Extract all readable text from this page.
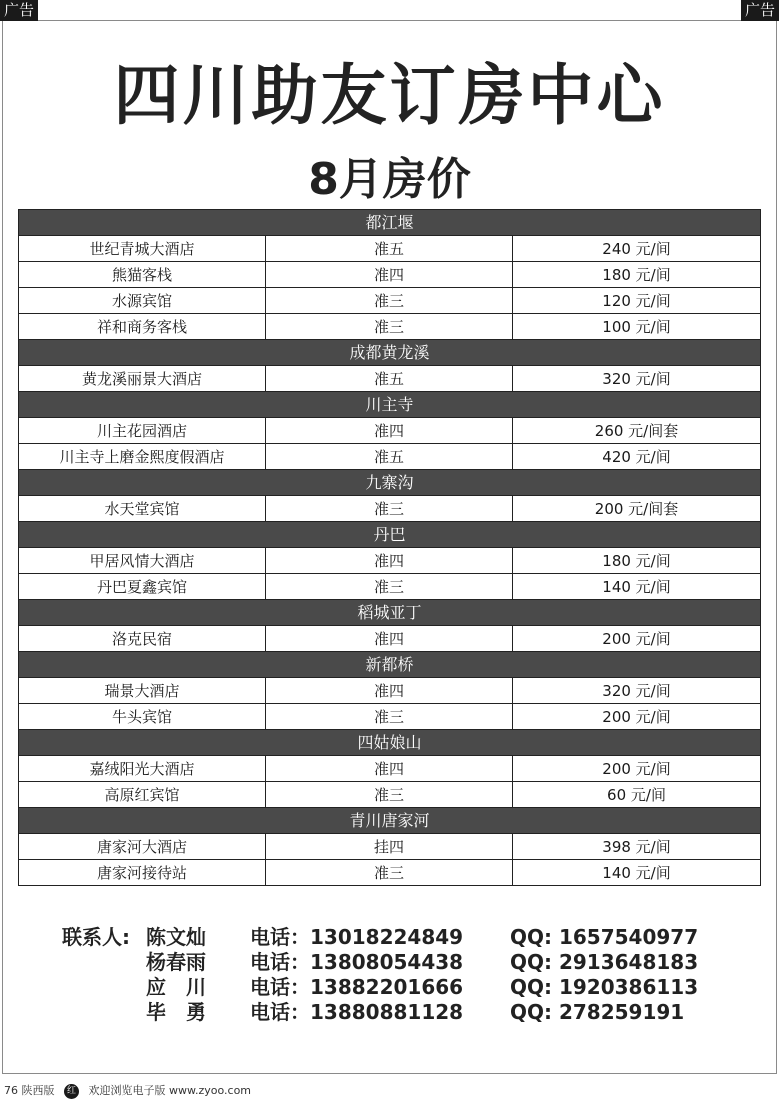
广告	广告
四川助友订房中心
8月房价
都江堰		
世纪青城大酒店	准五	240 元/间
熊猫客栈	准四	180 元/间
水源宾馆	准三	120 元/间
祥和商务客栈	准三	100 元/间
成都黄龙溪		
黄龙溪丽景大酒店	准五	320 元/间
川主寺		
川主花园酒店	准四	260 元/间套
川主寺上磨金熙度假酒店	准五	420 元/间
九寨沟		
水天堂宾馆	准三	200 元/间套
丹巴		
甲居风情大酒店	准四	180 元/间
丹巴夏鑫宾馆	准三	140 元/间
稻城亚丁		
洛克民宿	准四	200 元/间
新都桥		
瑞景大酒店	准四	320 元/间
牛头宾馆	准三	200 元/间
四姑娘山		
嘉绒阳光大酒店	准四	200 元/间
高原红宾馆	准三	60 元/间
青川唐家河		
唐家河大酒店	挂四	398 元/间
唐家河接待站	准三	140 元/间
联系人: 陈文灿 电话：13018224849 QQ: 1657540977
杨春雨 电话：13808054438 QQ: 2913648183
应　川 电话：13882201666 QQ: 1920386113
毕　勇 电话：13880881128 QQ: 278259191
76 陕西版 红 欢迎浏览电子版 www.zyoo.com
